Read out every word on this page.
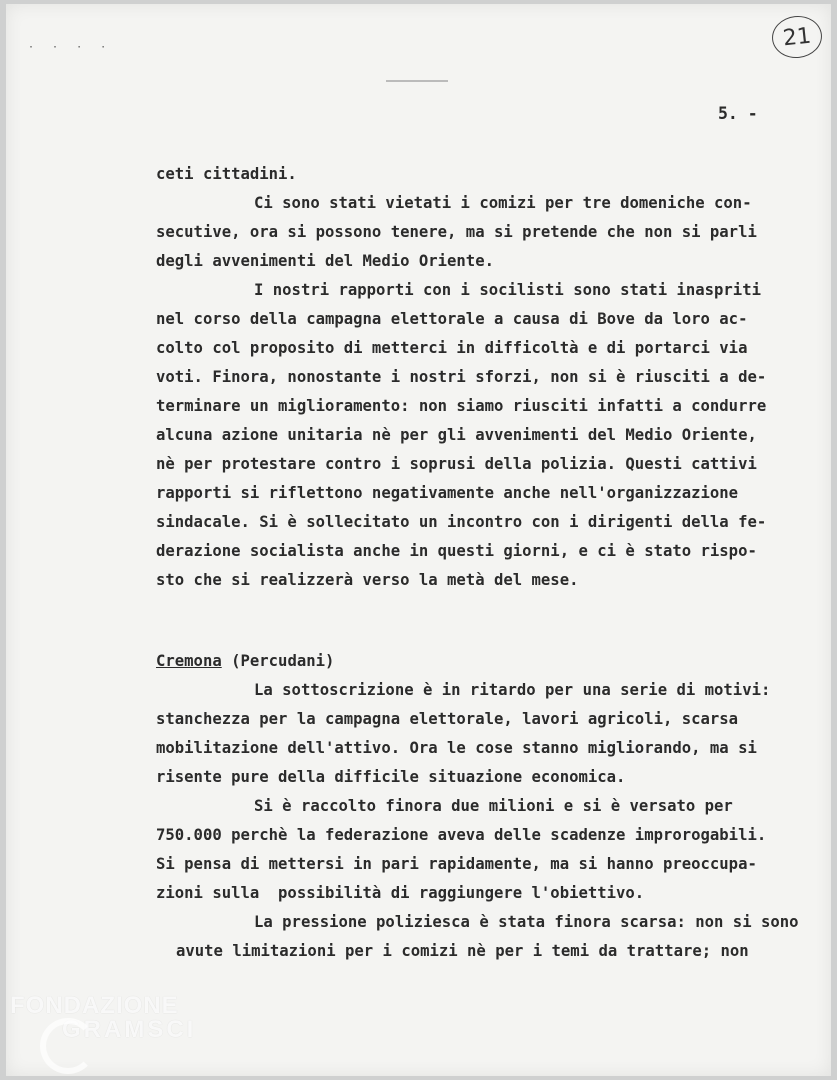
· · · ·	21
5. -
ceti cittadini.
Ci sono stati vietati i comizi per tre domeniche con-
secutive, ora si possono tenere, ma si pretende che non si parli
degli avvenimenti del Medio Oriente.
I nostri rapporti con i socilisti sono stati inaspriti
nel corso della campagna elettorale a causa di Bove da loro ac-
colto col proposito di metterci in difficoltà e di portarci via
voti. Finora, nonostante i nostri sforzi, non si è riusciti a de-
terminare un miglioramento: non siamo riusciti infatti a condurre
alcuna azione unitaria nè per gli avvenimenti del Medio Oriente,
nè per protestare contro i soprusi della polizia. Questi cattivi
rapporti si riflettono negativamente anche nell'organizzazione
sindacale. Si è sollecitato un incontro con i dirigenti della fe-
derazione socialista anche in questi giorni, e ci è stato rispo-
sto che si realizzerà verso la metà del mese.
Cremona (Percudani)
La sottoscrizione è in ritardo per una serie di motivi:
stanchezza per la campagna elettorale, lavori agricoli, scarsa
mobilitazione dell'attivo. Ora le cose stanno migliorando, ma si
risente pure della difficile situazione economica.
Si è raccolto finora due milioni e si è versato per
750.000 perchè la federazione aveva delle scadenze improrogabili.
Si pensa di mettersi in pari rapidamente, ma si hanno preoccupa-
zioni sulla  possibilità di raggiungere l'obiettivo.
La pressione poliziesca è stata finora scarsa: non si sono
avute limitazioni per i comizi nè per i temi da trattare; non
FONDAZIONE
GRAMSCI
